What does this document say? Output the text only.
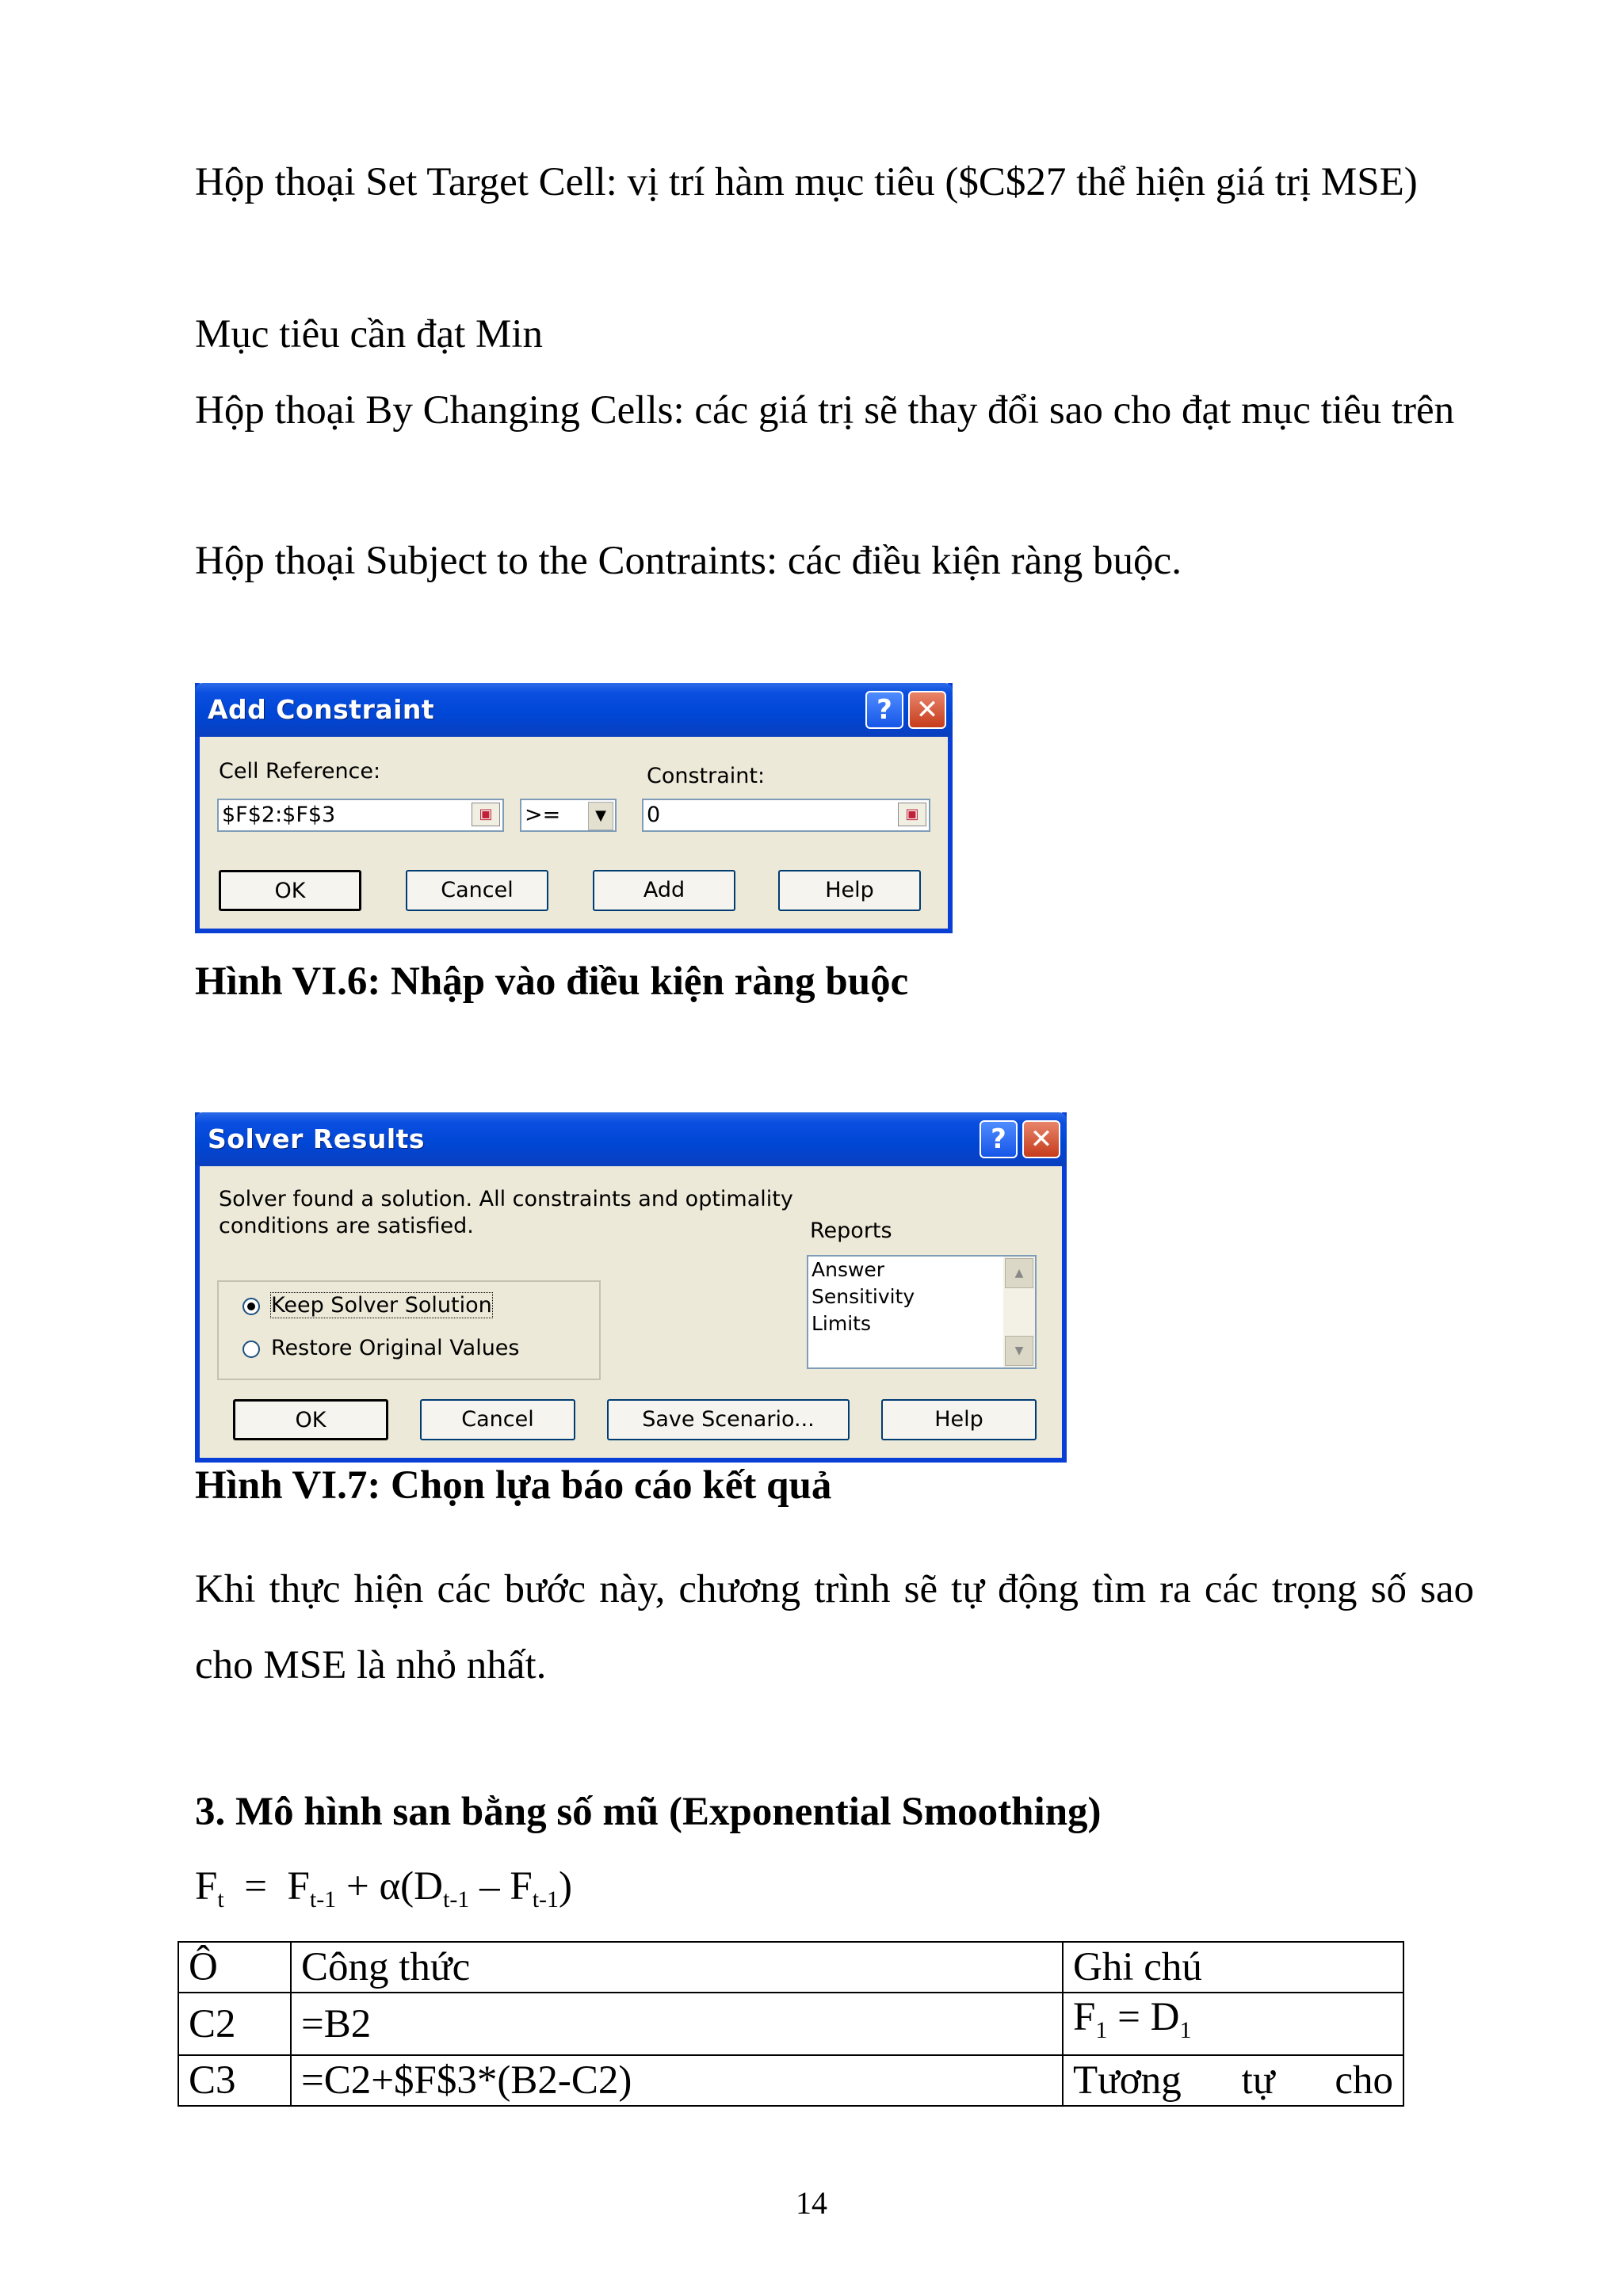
Hộp thoại Set Target Cell: vị trí hàm mục tiêu ($C$27 thể hiện giá trị MSE)

Mục tiêu cần đạt Min

Hộp thoại By Changing Cells: các giá trị sẽ thay đổi sao cho đạt mục tiêu trên

Hộp thoại Subject to the Contraints: các điều kiện ràng buộc.

Add Constraint	? ✕
Cell Reference:
$F$2:$F$3	▣	>=	▼
Constraint:
0	▣
OK	Cancel	Add	Help
Hình VI.6: Nhập vào điều kiện ràng buộc
Solver Results	? ✕
Solver found a solution. All constraints and optimality
conditions are satisfied.	Reports
Answer
Sensitivity
Limits
▲
▼
Keep Solver Solution
Restore Original Values
OK	Cancel	Save Scenario...	Help
Hình VI.7: Chọn lựa báo cáo kết quả

Khi thực hiện các bước này, chương trình sẽ tự động tìm ra các trọng số sao cho MSE là nhỏ nhất.

3. Mô hình san bằng số mũ (Exponential Smoothing)
$F_t = F_{t-1} + \alpha(D_{t-1} - F_{t-1})$
Ô	Công thức	Ghi chú
C2	=B2	$F_1 = D_1$
C3	=C2+$F$3*(B2-C2)	Tương tự cho
14
